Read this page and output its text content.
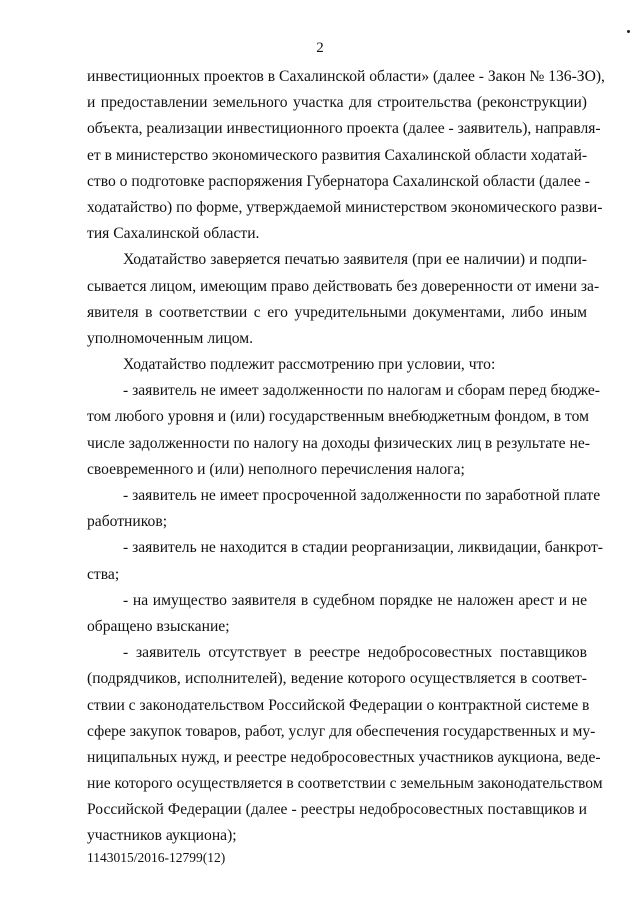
2
инвестиционных проектов в Сахалинской области» (далее - Закон № 136-ЗО),
и предоставлении земельного участка для строительства (реконструкции)
объекта, реализации инвестиционного проекта (далее - заявитель), направля-
ет в министерство экономического развития Сахалинской области ходатай-
ство о подготовке распоряжения Губернатора Сахалинской области (далее -
ходатайство) по форме, утверждаемой министерством экономического разви-
тия Сахалинской области.
Ходатайство заверяется печатью заявителя (при ее наличии) и подпи-
сывается лицом, имеющим право действовать без доверенности от имени за-
явителя в соответствии с его учредительными документами, либо иным
уполномоченным лицом.
Ходатайство подлежит рассмотрению при условии, что:
- заявитель не имеет задолженности по налогам и сборам перед бюдже-
том любого уровня и (или) государственным внебюджетным фондом, в том
числе задолженности по налогу на доходы физических лиц в результате не-
своевременного и (или) неполного перечисления налога;
- заявитель не имеет просроченной задолженности по заработной плате
работников;
- заявитель не находится в стадии реорганизации, ликвидации, банкрот-
ства;
- на имущество заявителя в судебном порядке не наложен арест и не
обращено взыскание;
- заявитель отсутствует в реестре недобросовестных поставщиков
(подрядчиков, исполнителей), ведение которого осуществляется в соответ-
ствии с законодательством Российской Федерации о контрактной системе в
сфере закупок товаров, работ, услуг для обеспечения государственных и му-
ниципальных нужд, и реестре недобросовестных участников аукциона, веде-
ние которого осуществляется в соответствии с земельным законодательством
Российской Федерации (далее - реестры недобросовестных поставщиков и
участников аукциона);
1143015/2016-12799(12)
